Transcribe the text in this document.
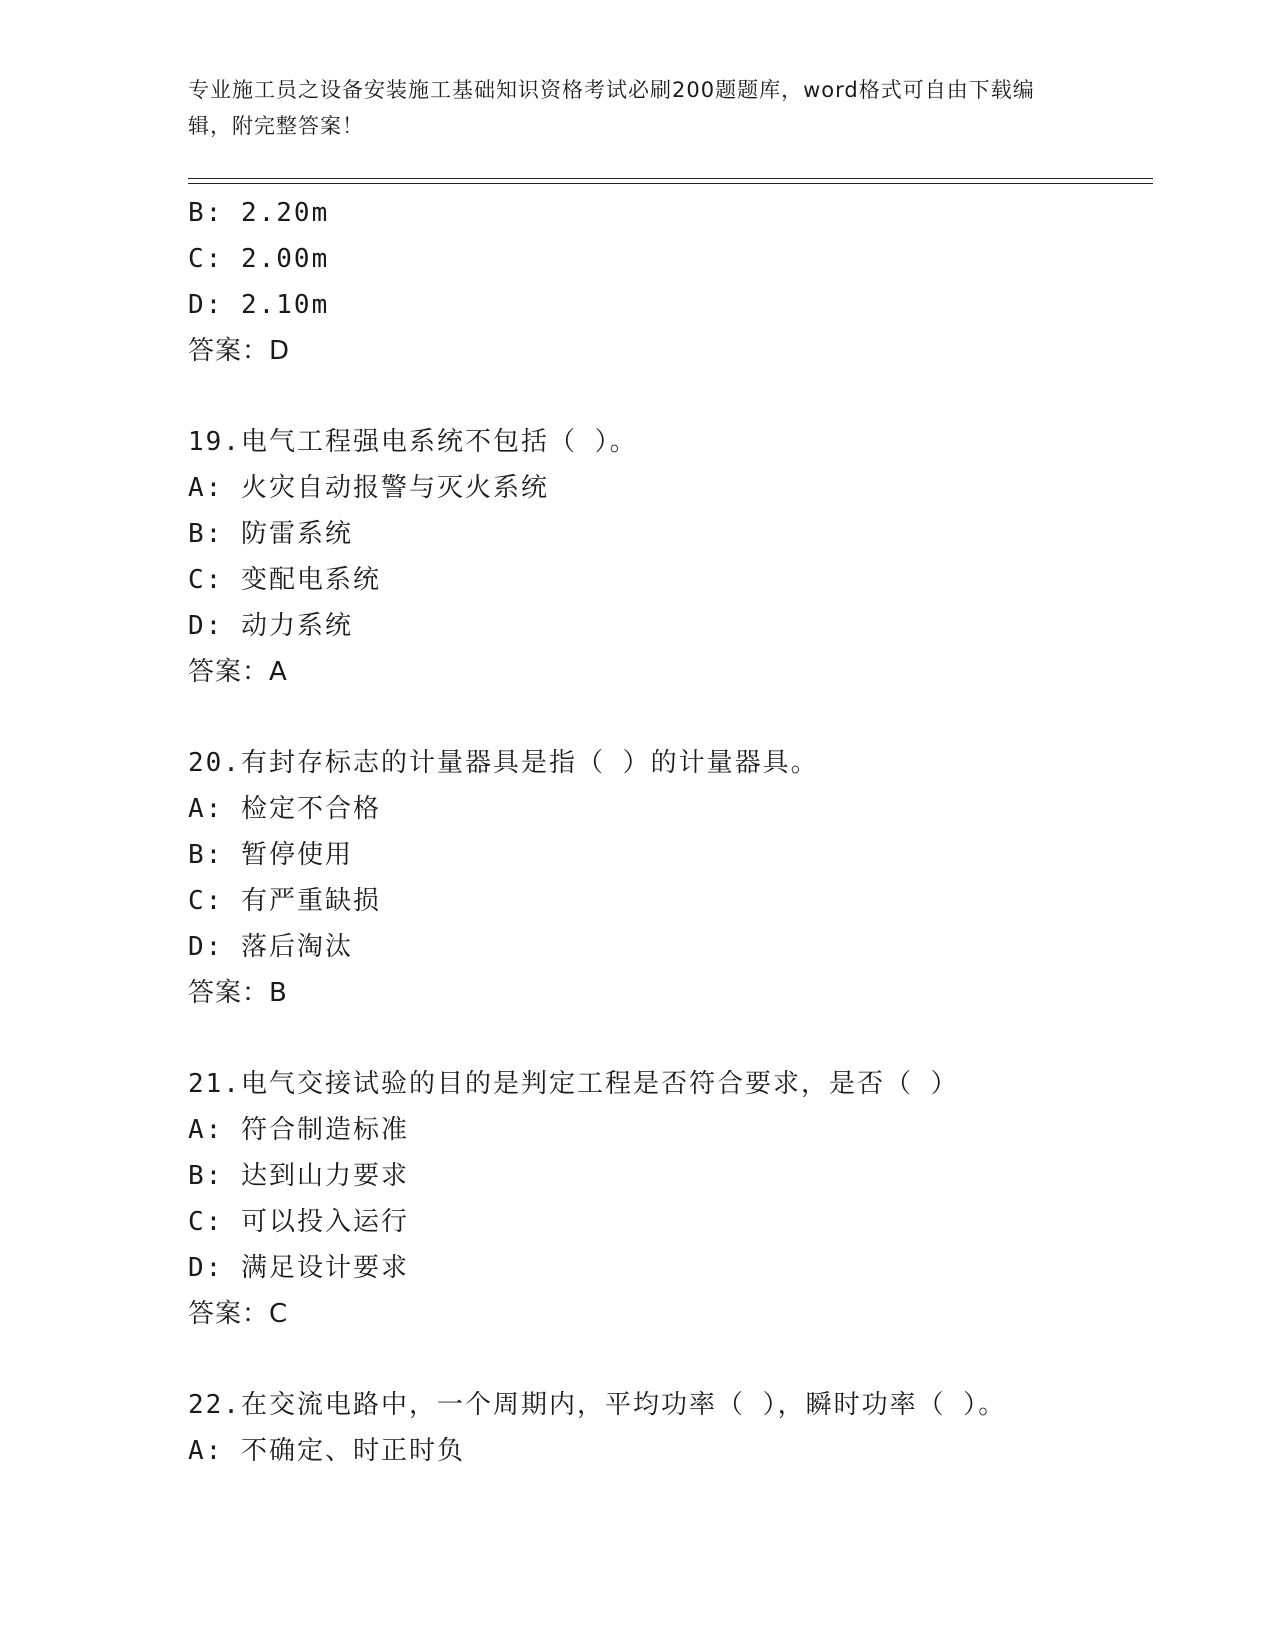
专业施工员之设备安装施工基础知识资格考试必刷200题题库，word格式可自由下载编辑，附完整答案！
B: 2.20m
C: 2.00m
D: 2.10m
答案：D
19.电气工程强电系统不包括（ ）。
A: 火灾自动报警与灭火系统
B: 防雷系统
C: 变配电系统
D: 动力系统
答案：A
20.有封存标志的计量器具是指（ ）的计量器具。
A: 检定不合格
B: 暂停使用
C: 有严重缺损
D: 落后淘汰
答案：B
21.电气交接试验的目的是判定工程是否符合要求，是否（ ）
A: 符合制造标准
B: 达到山力要求
C: 可以投入运行
D: 满足设计要求
答案：C
22.在交流电路中，一个周期内，平均功率（ ），瞬时功率（ ）。
A: 不确定、时正时负
